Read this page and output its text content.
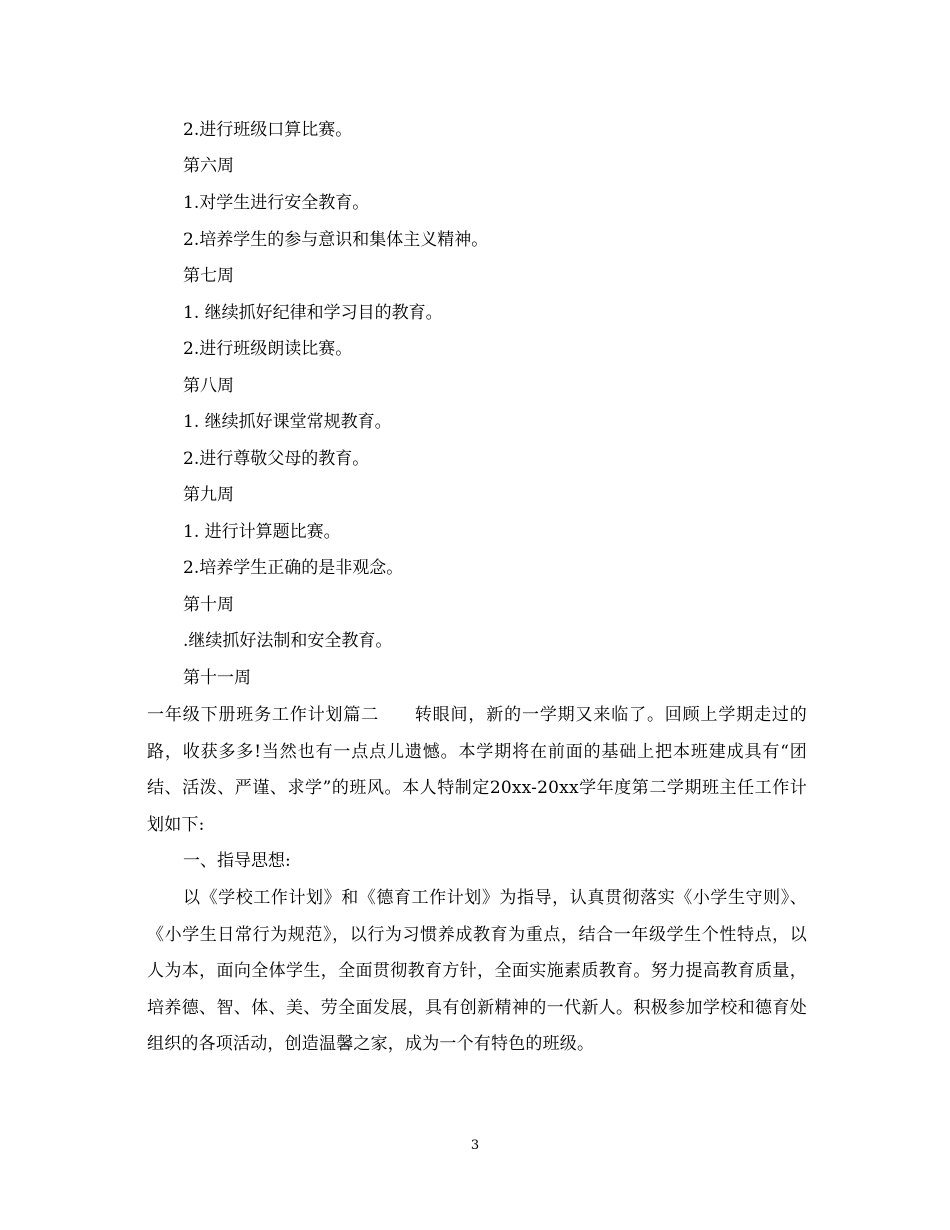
2.进行班级口算比赛。
第六周
1.对学生进行安全教育。
2.培养学生的参与意识和集体主义精神。
第七周
1. 继续抓好纪律和学习目的教育。
2.进行班级朗读比赛。
第八周
1. 继续抓好课堂常规教育。
2.进行尊敬父母的教育。
第九周
1. 进行计算题比赛。
2.培养学生正确的是非观念。
第十周
.继续抓好法制和安全教育。
第十一周
一年级下册班务工作计划篇二　　转眼间，新的一学期又来临了。回顾上学期走过的路，收获多多!当然也有一点点儿遗憾。本学期将在前面的基础上把本班建成具有“团结、活泼、严谨、求学”的班风。本人特制定20xx-20xx学年度第二学期班主任工作计划如下:
一、指导思想:
以《学校工作计划》和《德育工作计划》为指导，认真贯彻落实《小学生守则》、《小学生日常行为规范》，以行为习惯养成教育为重点，结合一年级学生个性特点，以人为本，面向全体学生，全面贯彻教育方针，全面实施素质教育。努力提高教育质量，培养德、智、体、美、劳全面发展，具有创新精神的一代新人。积极参加学校和德育处组织的各项活动，创造温馨之家，成为一个有特色的班级。
3
